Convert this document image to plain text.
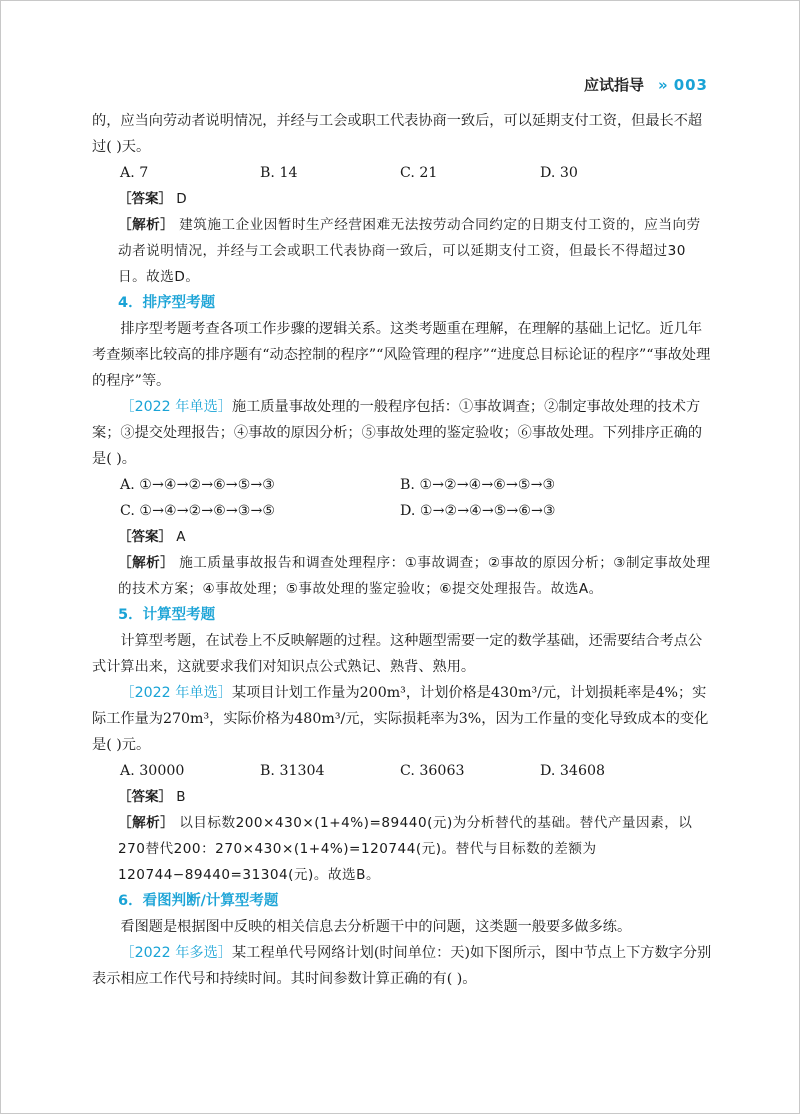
应试指导 » 003

的，应当向劳动者说明情况，并经与工会或职工代表协商一致后，可以延期支付工资，但最长不超过( )天。

A. 7	B. 14	C. 21	D. 30

［答案］ D

［解析］ 建筑施工企业因暂时生产经营困难无法按劳动合同约定的日期支付工资的，应当向劳动者说明情况，并经与工会或职工代表协商一致后，可以延期支付工资，但最长不得超过30日。故选D。

4．排序型考题

排序型考题考查各项工作步骤的逻辑关系。这类考题重在理解，在理解的基础上记忆。近几年考查频率比较高的排序题有“动态控制的程序”“风险管理的程序”“进度总目标论证的程序”“事故处理的程序”等。

［2022 年单选］施工质量事故处理的一般程序包括：①事故调查；②制定事故处理的技术方案；③提交处理报告；④事故的原因分析；⑤事故处理的鉴定验收；⑥事故处理。下列排序正确的是( )。

A. ①→④→②→⑥→⑤→③	B. ①→②→④→⑥→⑤→③
C. ①→④→②→⑥→③→⑤	D. ①→②→④→⑤→⑥→③

［答案］ A

［解析］ 施工质量事故报告和调查处理程序：①事故调查；②事故的原因分析；③制定事故处理的技术方案；④事故处理；⑤事故处理的鉴定验收；⑥提交处理报告。故选A。

5．计算型考题

计算型考题，在试卷上不反映解题的过程。这种题型需要一定的数学基础，还需要结合考点公式计算出来，这就要求我们对知识点公式熟记、熟背、熟用。

［2022 年单选］某项目计划工作量为200m³，计划价格是430m³/元，计划损耗率是4%；实际工作量为270m³，实际价格为480m³/元，实际损耗率为3%，因为工作量的变化导致成本的变化是( )元。

A. 30000	B. 31304	C. 36063	D. 34608

［答案］ B

［解析］ 以目标数200×430×(1+4%)=89440(元)为分析替代的基础。替代产量因素，以270替代200：270×430×(1+4%)=120744(元)。替代与目标数的差额为120744−89440=31304(元)。故选B。

6．看图判断/计算型考题

看图题是根据图中反映的相关信息去分析题干中的问题，这类题一般要多做多练。

［2022 年多选］某工程单代号网络计划(时间单位：天)如下图所示，图中节点上下方数字分别表示相应工作代号和持续时间。其时间参数计算正确的有( )。
